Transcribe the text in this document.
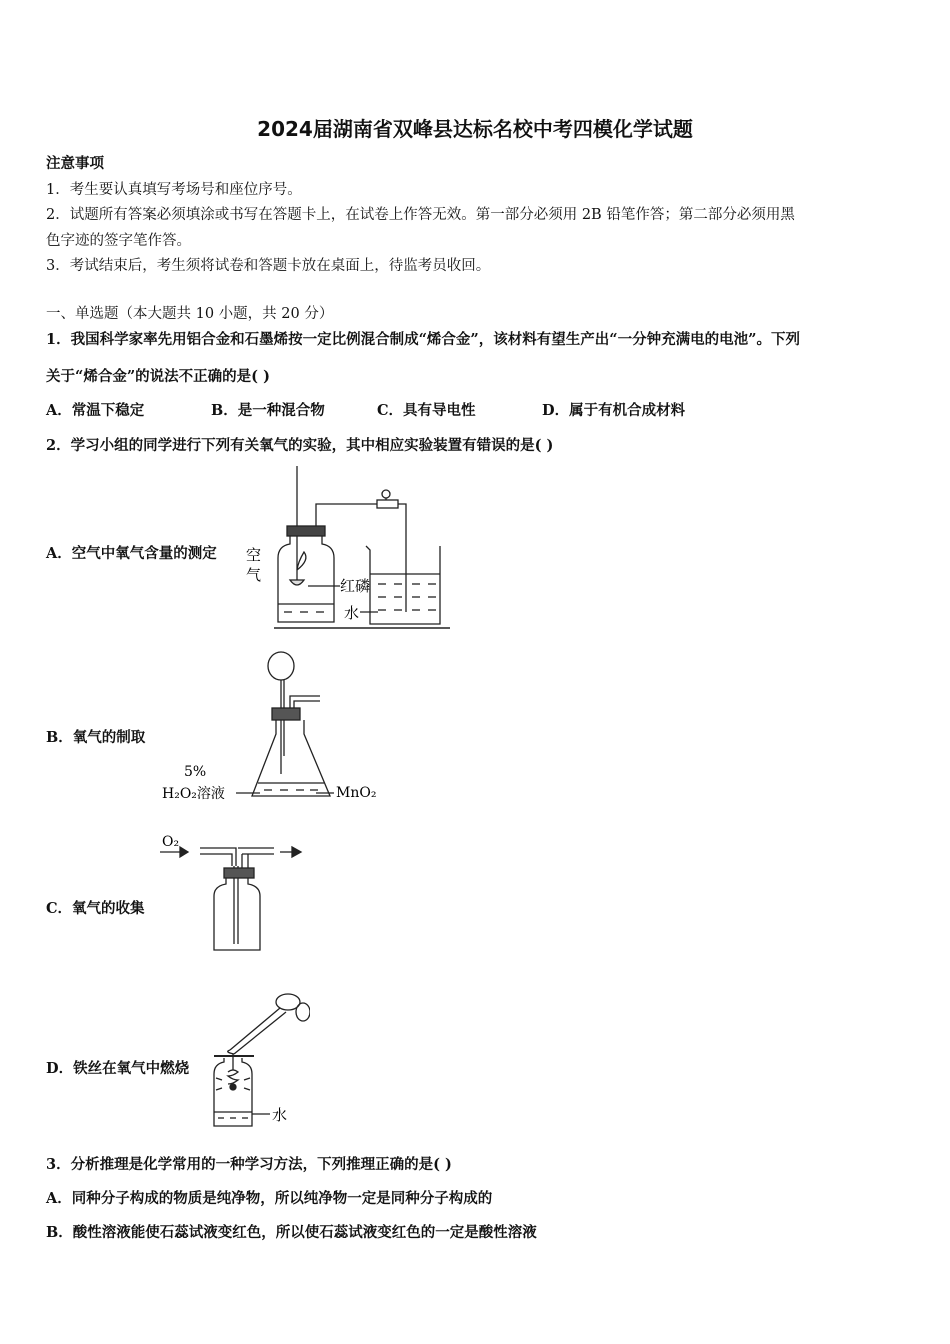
2024届湖南省双峰县达标名校中考四模化学试题
注意事项
1．考生要认真填写考场号和座位序号。
2．试题所有答案必须填涂或书写在答题卡上，在试卷上作答无效。第一部分必须用 2B 铅笔作答；第二部分必须用黑
色字迹的签字笔作答。
3．考试结束后，考生须将试卷和答题卡放在桌面上，待监考员收回。
一、单选题（本大题共 10 小题，共 20 分）
1．我国科学家率先用铝合金和石墨烯按一定比例混合制成“烯合金”，该材料有望生产出“一分钟充满电的电池”。下列
关于“烯合金”的说法不正确的是( )
A．常温下稳定	B．是一种混合物	C．具有导电性	D．属于有机合成材料
2．学习小组的同学进行下列有关氧气的实验，其中相应实验装置有错误的是( )
A．空气中氧气含量的测定 空
气
红磷
水
B．氧气的制取
5%
H₂O₂溶液	MnO₂
C．氧气的收集
O₂
D．铁丝在氧气中燃烧
水
3．分析推理是化学常用的一种学习方法，下列推理正确的是( )
A．同种分子构成的物质是纯净物，所以纯净物一定是同种分子构成的
B．酸性溶液能使石蕊试液变红色，所以使石蕊试液变红色的一定是酸性溶液
